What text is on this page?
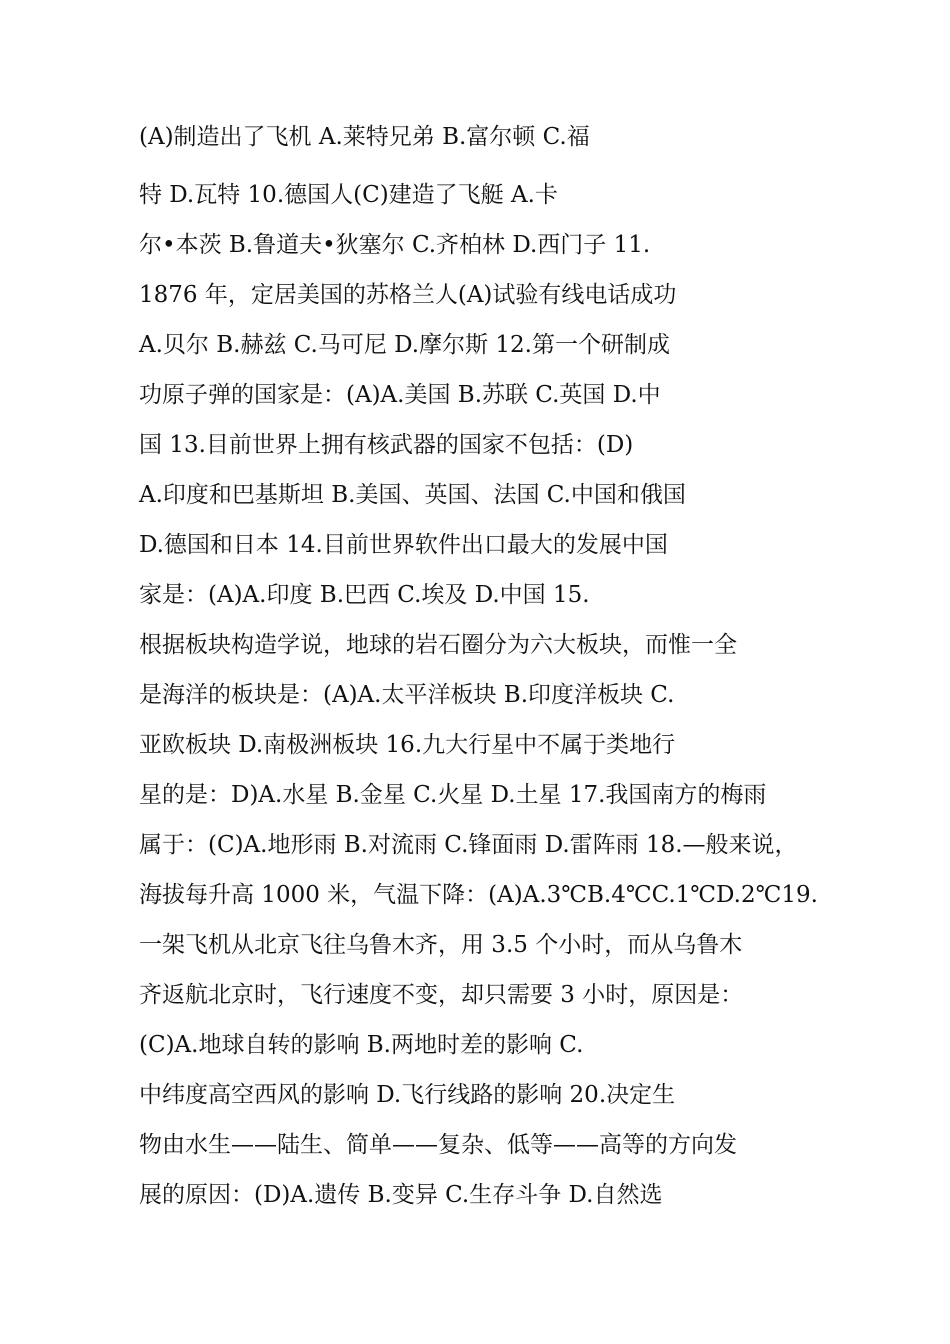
(A)制造出了飞机 A.莱特兄弟 B.富尔顿 C.福
特 D.瓦特 10.德国人(C)建造了飞艇 A.卡
尔•本茨 B.鲁道夫•狄塞尔 C.齐柏林 D.西门子 11.
1876 年，定居美国的苏格兰人(A)试验有线电话成功
A.贝尔 B.赫兹 C.马可尼 D.摩尔斯 12.第一个研制成
功原子弹的国家是：(A)A.美国 B.苏联 C.英国 D.中
国 13.目前世界上拥有核武器的国家不包括：(D)
A.印度和巴基斯坦 B.美国、英国、法国 C.中国和俄国
D.德国和日本 14.目前世界软件出口最大的发展中国
家是：(A)A.印度 B.巴西 C.埃及 D.中国 15.
根据板块构造学说，地球的岩石圈分为六大板块，而惟一全
是海洋的板块是：(A)A.太平洋板块 B.印度洋板块 C.
亚欧板块 D.南极洲板块 16.九大行星中不属于类地行
星的是：D)A.水星 B.金星 C.火星 D.土星 17.我国南方的梅雨
属于：(C)A.地形雨 B.对流雨 C.锋面雨 D.雷阵雨 18.—般来说，
海拔每升高 1000 米，气温下降：(A)A.3℃B.4℃C.1℃D.2℃19.
一架飞机从北京飞往乌鲁木齐，用 3.5 个小时，而从乌鲁木
齐返航北京时，飞行速度不变，却只需要 3 小时，原因是：
(C)A.地球自转的影响 B.两地时差的影响 C.
中纬度高空西风的影响 D.飞行线路的影响 20.决定生
物由水生——陆生、简单——复杂、低等——高等的方向发
展的原因：(D)A.遗传 B.变异 C.生存斗争 D.自然选
